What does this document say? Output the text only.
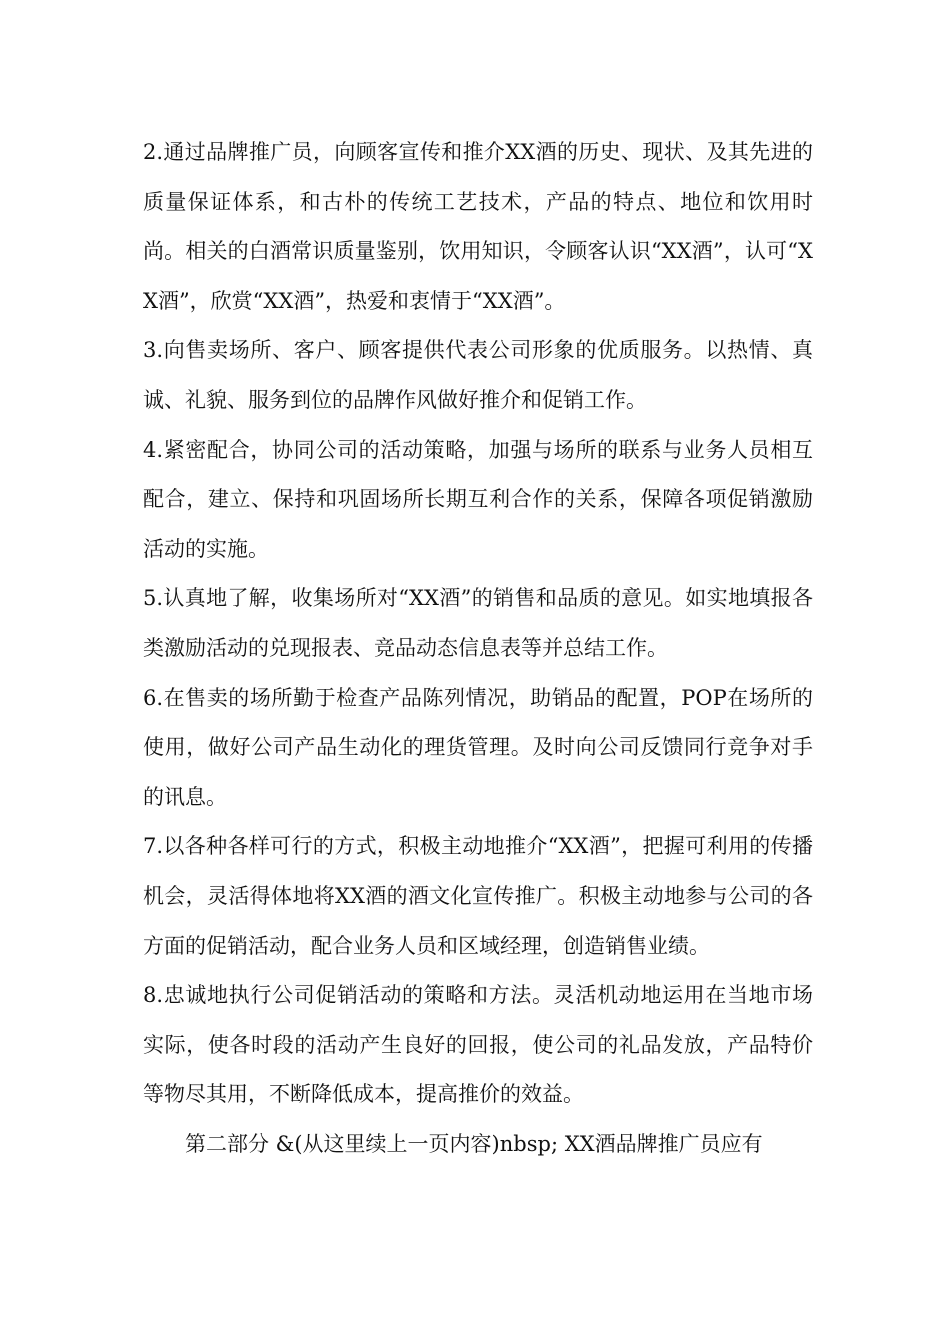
2.通过品牌推广员，向顾客宣传和推介XX酒的历史、现状、及其先进的质量保证体系，和古朴的传统工艺技术，产品的特点、地位和饮用时尚。相关的白酒常识质量鉴别，饮用知识，令顾客认识“XX酒”，认可“XX酒”，欣赏“XX酒”，热爱和衷情于“XX酒”。

3.向售卖场所、客户、顾客提供代表公司形象的优质服务。以热情、真诚、礼貌、服务到位的品牌作风做好推介和促销工作。

4.紧密配合，协同公司的活动策略，加强与场所的联系与业务人员相互配合，建立、保持和巩固场所长期互利合作的关系，保障各项促销激励活动的实施。

5.认真地了解，收集场所对“XX酒”的销售和品质的意见。如实地填报各类激励活动的兑现报表、竞品动态信息表等并总结工作。

6.在售卖的场所勤于检查产品陈列情况，助销品的配置，POP在场所的使用，做好公司产品生动化的理货管理。及时向公司反馈同行竞争对手的讯息。

7.以各种各样可行的方式，积极主动地推介“XX酒”，把握可利用的传播机会，灵活得体地将XX酒的酒文化宣传推广。积极主动地参与公司的各方面的促销活动，配合业务人员和区域经理，创造销售业绩。

8.忠诚地执行公司促销活动的策略和方法。灵活机动地运用在当地市场实际，使各时段的活动产生良好的回报，使公司的礼品发放，产品特价等物尽其用，不断降低成本，提高推价的效益。

第二部分 &(从这里续上一页内容)nbsp; XX酒品牌推广员应有
